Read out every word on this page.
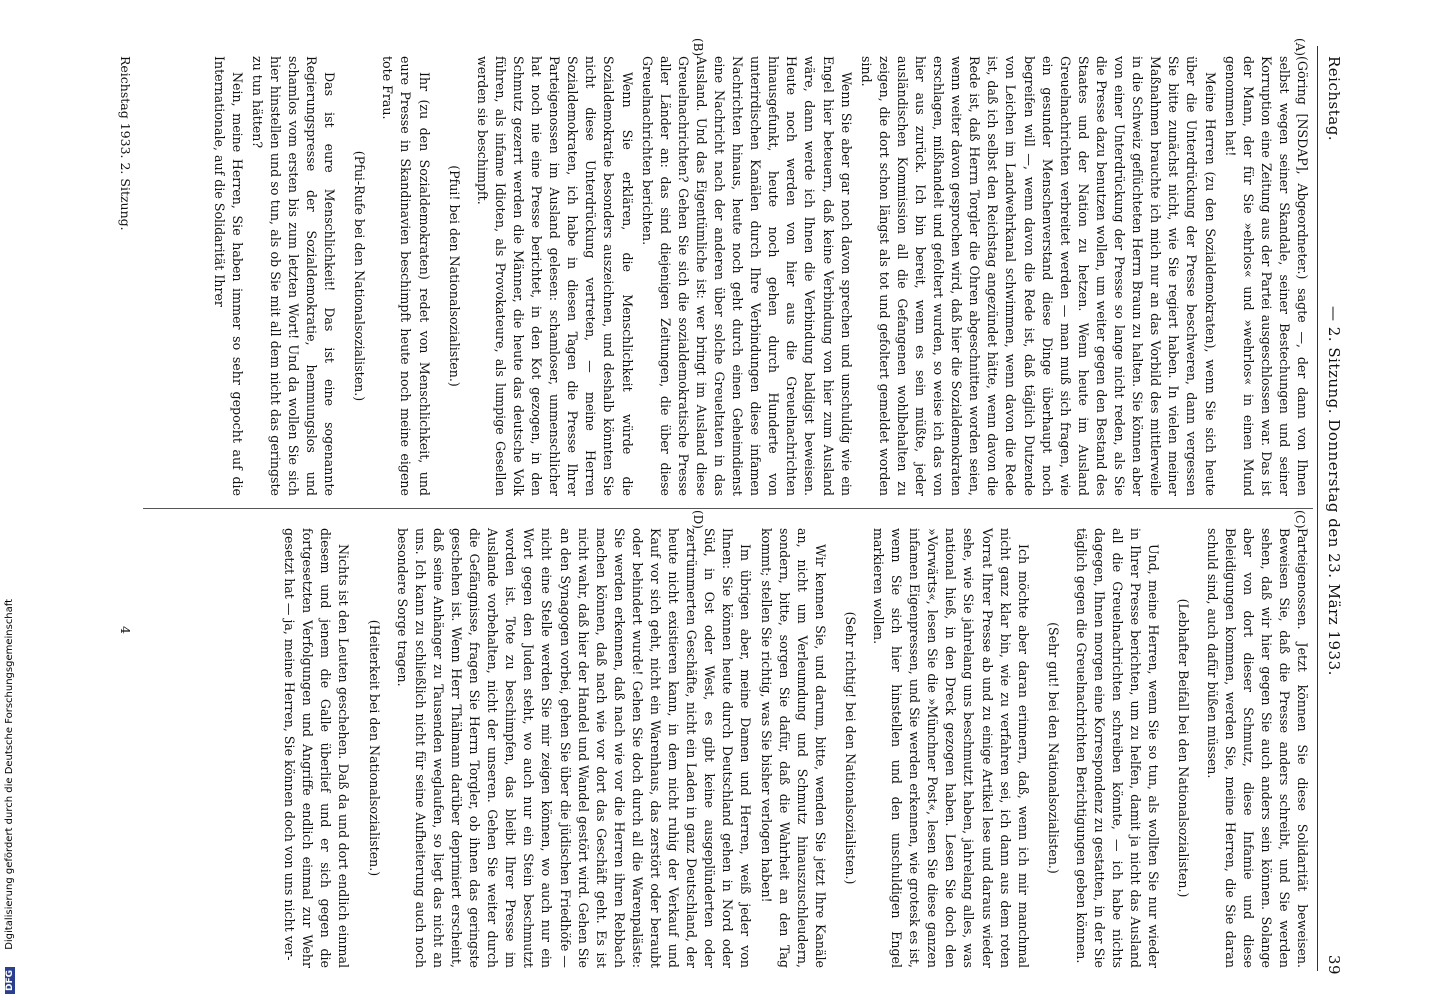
Reichstag.
— 2. Sitzung. Donnerstag den 23. März 1933.
39
(A)
(B)
(C)
(D)

(Göring [NSDAP], Abgeordneter.) sagte —, der dann von Ihnen selbst wegen seiner Skandale, seiner Bestechungen und seiner Korruption eine Zeitung aus der Partei ausgeschlossen war. Das ist der Mann, der für Sie »ehrlos« und »wehrlos« in einen Mund genommen hat!

Meine Herren (zu den Sozialdemokraten), wenn Sie sich heute über die Unterdrückung der Presse beschweren, dann vergessen Sie bitte zunächst nicht, wie Sie regiert haben. In vielen meiner Maßnahmen brauchte ich mich nur an das Vorbild des mittlerweile in die Schweiz geflüchteten Herrn Braun zu halten. Sie können aber von einer Unterdrückung der Presse so lange nicht reden, als Sie die Presse dazu benutzen wollen, um weiter gegen den Bestand des Staates und der Nation zu hetzen. Wenn heute im Ausland Greuelnachrichten verbreitet werden — man muß sich fragen, wie ein gesunder Menschenverstand diese Dinge überhaupt noch begreifen will —, wenn davon die Rede ist, daß täglich Dutzende von Leichen im Landwehrkanal schwimmen, wenn davon die Rede ist, daß ich selbst den Reichstag angezündet hätte, wenn davon die Rede ist, daß Herrn Torgler die Ohren abgeschnitten worden seien, wenn weiter davon gesprochen wird, daß hier die Sozialdemokraten erschlagen, mißhandelt und gefoltert wurden, so weise ich das von hier aus zurück. Ich bin bereit, wenn es sein müßte, jeder ausländischen Kommission all die Gefangenen wohlbehalten zu zeigen, die dort schon längst als tot und gefoltert gemeldet worden sind.

Wenn Sie aber gar noch davon sprechen und unschuldig wie ein Engel hier beteuern, daß keine Verbindung von hier zum Ausland wäre, dann werde ich Ihnen die Verbindung baldigst beweisen. Heute noch werden von hier aus die Greuelnachrichten hinausgefunkt, heute noch gehen durch Hunderte von unterirdischen Kanälen durch Ihre Verbindungen diese infamen Nachrichten hinaus, heute noch geht durch einen Geheimdienst eine Nachricht nach der anderen über solche Greueltaten in das Ausland. Und das Eigentümliche ist: wer bringt im Ausland diese Greuelnachrichten? Gehen Sie sich die sozialdemokratische Presse aller Länder an: das sind diejenigen Zeitungen, die über diese Greuelnachrichten berichten.

Wenn Sie erklären, die Menschlichkeit würde die Sozialdemokratie besonders auszeichnen, und deshalb könnten Sie nicht diese Unterdrückung vertreten, — meine Herren Sozialdemokraten, ich habe in diesen Tagen die Presse Ihrer Parteigenossen im Ausland gelesen: schamloser, unmenschlicher hat noch nie eine Presse berichtet, in den Kot gezogen, in den Schmutz gezerrt werden die Männer, die heute das deutsche Volk führen, als infame Idioten, als Provokateure, als lumpige Gesellen werden sie beschimpft.

(Pfui! bei den Nationalsozialisten.)

Ihr (zu den Sozialdemokraten) redet von Menschlichkeit, und eure Presse in Skandinavien beschimpft heute noch meine eigene tote Frau.

(Pfui-Rufe bei den Nationalsozialisten.)

Das ist eure Menschlichkeit! Das ist eine sogenannte Regierungspresse der Sozialdemokratie, hemmungslos und schamlos vom ersten bis zum letzten Wort! Und da wollen Sie sich hier hinstellen und so tun, als ob Sie mit all dem nicht das geringste zu tun hätten?

Nein, meine Herren, Sie haben immer so sehr gepocht auf die Internationale, auf die Solidarität Ihrer

Parteigenossen. Jetzt können Sie diese Solidarität beweisen. Beweisen Sie, daß die Presse anders schreibt, und Sie werden sehen, daß wir hier gegen Sie auch anders sein können. Solange aber von dort dieser Schmutz, diese Infamie und diese Beleidigungen kommen, werden Sie, meine Herren, die Sie daran schuld sind, auch dafür büßen müssen.

(Lebhafter Beifall bei den Nationalsozialisten.)

Und, meine Herren, wenn Sie so tun, als wollten Sie nur wieder in Ihrer Presse berichten, um zu helfen, damit ja nicht das Ausland all die Greuelnachrichten schreiben könnte, — ich habe nichts dagegen, Ihnen morgen eine Korrespondenz zu gestatten, in der Sie täglich gegen die Greuelnachrichten Berichtigungen geben können.

(Sehr gut! bei den Nationalsozialisten.)

Ich möchte aber daran erinnern, daß, wenn ich mir manchmal nicht ganz klar bin, wie zu verfahren sei, ich dann aus dem roten Vorrat Ihrer Presse ab und zu einige Artikel lese und daraus wieder sehe, wie Sie jahrelang uns beschmutzt haben, jahrelang alles, was national hieß, in den Dreck gezogen haben. Lesen Sie doch den »Vorwärts«, lesen Sie die »Münchner Post«, lesen Sie diese ganzen infamen Eigenpressen, und Sie werden erkennen, wie grotesk es ist, wenn Sie sich hier hinstellen und den unschuldigen Engel markieren wollen.

(Sehr richtig! bei den Nationalsozialisten.)

Wir kennen Sie, und darum, bitte, wenden Sie jetzt Ihre Kanäle an, nicht um Verleumdung und Schmutz hinauszuschleudern, sondern, bitte, sorgen Sie dafür, daß die Wahrheit an den Tag kommt; stellen Sie richtig, was Sie bisher verlogen haben!

Im übrigen aber, meine Damen und Herren, weiß jeder von Ihnen: Sie können heute durch Deutschland gehen in Nord oder Süd, in Ost oder West, es gibt keine ausgeplünderten oder zertrümmerten Geschäfte, nicht ein Laden in ganz Deutschland, der heute nicht existieren kann, in dem nicht ruhig der Verkauf und Kauf vor sich geht, nicht ein Warenhaus, das zerstört oder beraubt oder behindert wurde! Gehen Sie doch durch all die Warenpaläste: Sie werden erkennen, daß nach wie vor die Herren ihren Rebbach machen können, daß nach wie vor dort das Geschäft geht. Es ist nicht wahr, daß hier der Handel und Wandel gestört wird. Gehen Sie an den Synagogen vorbei, gehen Sie über die jüdischen Friedhöfe — nicht eine Stelle werden Sie mir zeigen können, wo auch nur ein Wort gegen den Juden steht, wo auch nur ein Stein beschmutzt worden ist. Tote zu beschimpfen, das bleibt Ihrer Presse im Auslande vorbehalten, nicht der unseren. Gehen Sie weiter durch die Gefängnisse, fragen Sie Herrn Torgler, ob ihnen das geringste geschehen ist. Wenn Herr Thälmann darüber deprimiert erscheint, daß seine Anhänger zu Tausenden weglaufen, so liegt das nicht an uns. Ich kann zu schließlich nicht für seine Aufheiterung auch noch besondere Sorge tragen.

(Heiterkeit bei den Nationalsozialisten.)

Nichts ist den Leuten geschehen. Daß da und dort endlich einmal diesem und jenem die Galle überlief und er sich gegen die fortgesetzten Verfolgungen und Angriffe endlich einmal zur Wehr gesetzt hat — ja, meine Herren, Sie können doch von uns nicht ver-

Reichstag 1933. 2. Sitzung.
4
DFG Digitalisierung gefördert durch die Deutsche Forschungsgemeinschaft
